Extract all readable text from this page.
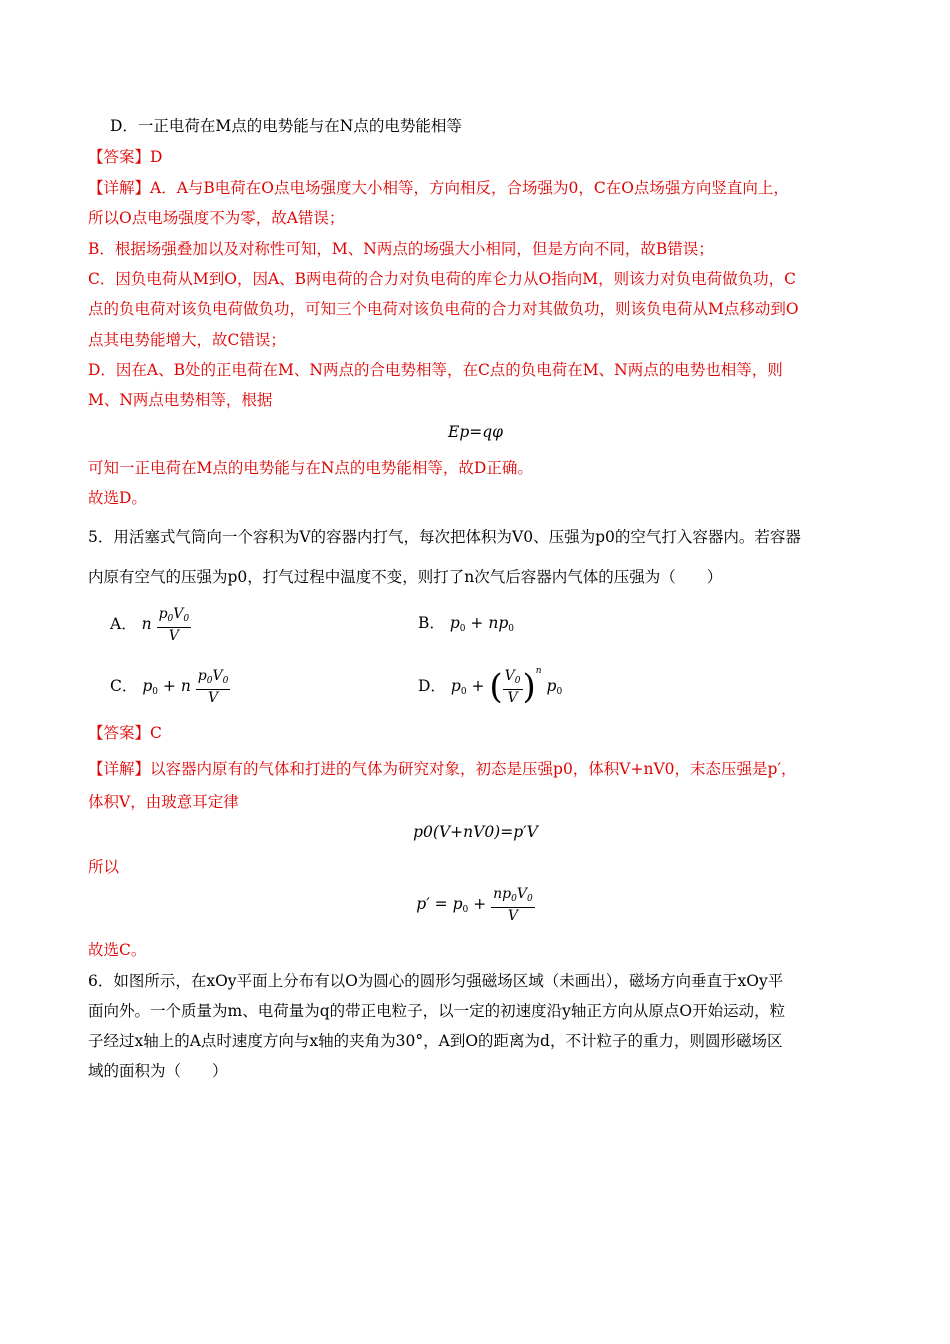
D．一正电荷在M点的电势能与在N点的电势能相等
【答案】D
【详解】A．A与B电荷在O点电场强度大小相等，方向相反，合场强为0，C在O点场强方向竖直向上，
所以O点电场强度不为零，故A错误；
B．根据场强叠加以及对称性可知，M、N两点的场强大小相同，但是方向不同，故B错误；
C．因负电荷从M到O，因A、B两电荷的合力对负电荷的库仑力从O指向M，则该力对负电荷做负功，C
点的负电荷对该负电荷做负功，可知三个电荷对该负电荷的合力对其做负功，则该负电荷从M点移动到O
点其电势能增大，故C错误；
D．因在A、B处的正电荷在M、N两点的合电势相等，在C点的负电荷在M、N两点的电势也相等，则
M、N两点电势相等，根据
Ep=qφ
可知一正电荷在M点的电势能与在N点的电势能相等，故D正确。
故选D。
5．用活塞式气筒向一个容积为V的容器内打气，每次把体积为V0、压强为p0的空气打入容器内。若容器
内原有空气的压强为p0，打气过程中温度不变，则打了n次气后容器内气体的压强为（　　）
A． n $\frac{p_0V_0}{V}$	B． $p_0 + np_0$
C． $p_0 + n \frac{p_0V_0}{V}$	D． $p_0$ + ( $\frac{V_0}{V} )^n$ $p_0$
【答案】C
【详解】以容器内原有的气体和打进的气体为研究对象，初态是压强p0，体积V+nV0，末态压强是p′，
体积V，由玻意耳定律
p0(V+nV0)=p′V
所以
$p' = p_0 + \frac{np_0V_0}{V}$
故选C。
6．如图所示，在xOy平面上分布有以O为圆心的圆形匀强磁场区域（未画出），磁场方向垂直于xOy平
面向外。一个质量为m、电荷量为q的带正电粒子，以一定的初速度沿y轴正方向从原点O开始运动，粒
子经过x轴上的A点时速度方向与x轴的夹角为30°，A到O的距离为d，不计粒子的重力，则圆形磁场区
域的面积为（　　）
